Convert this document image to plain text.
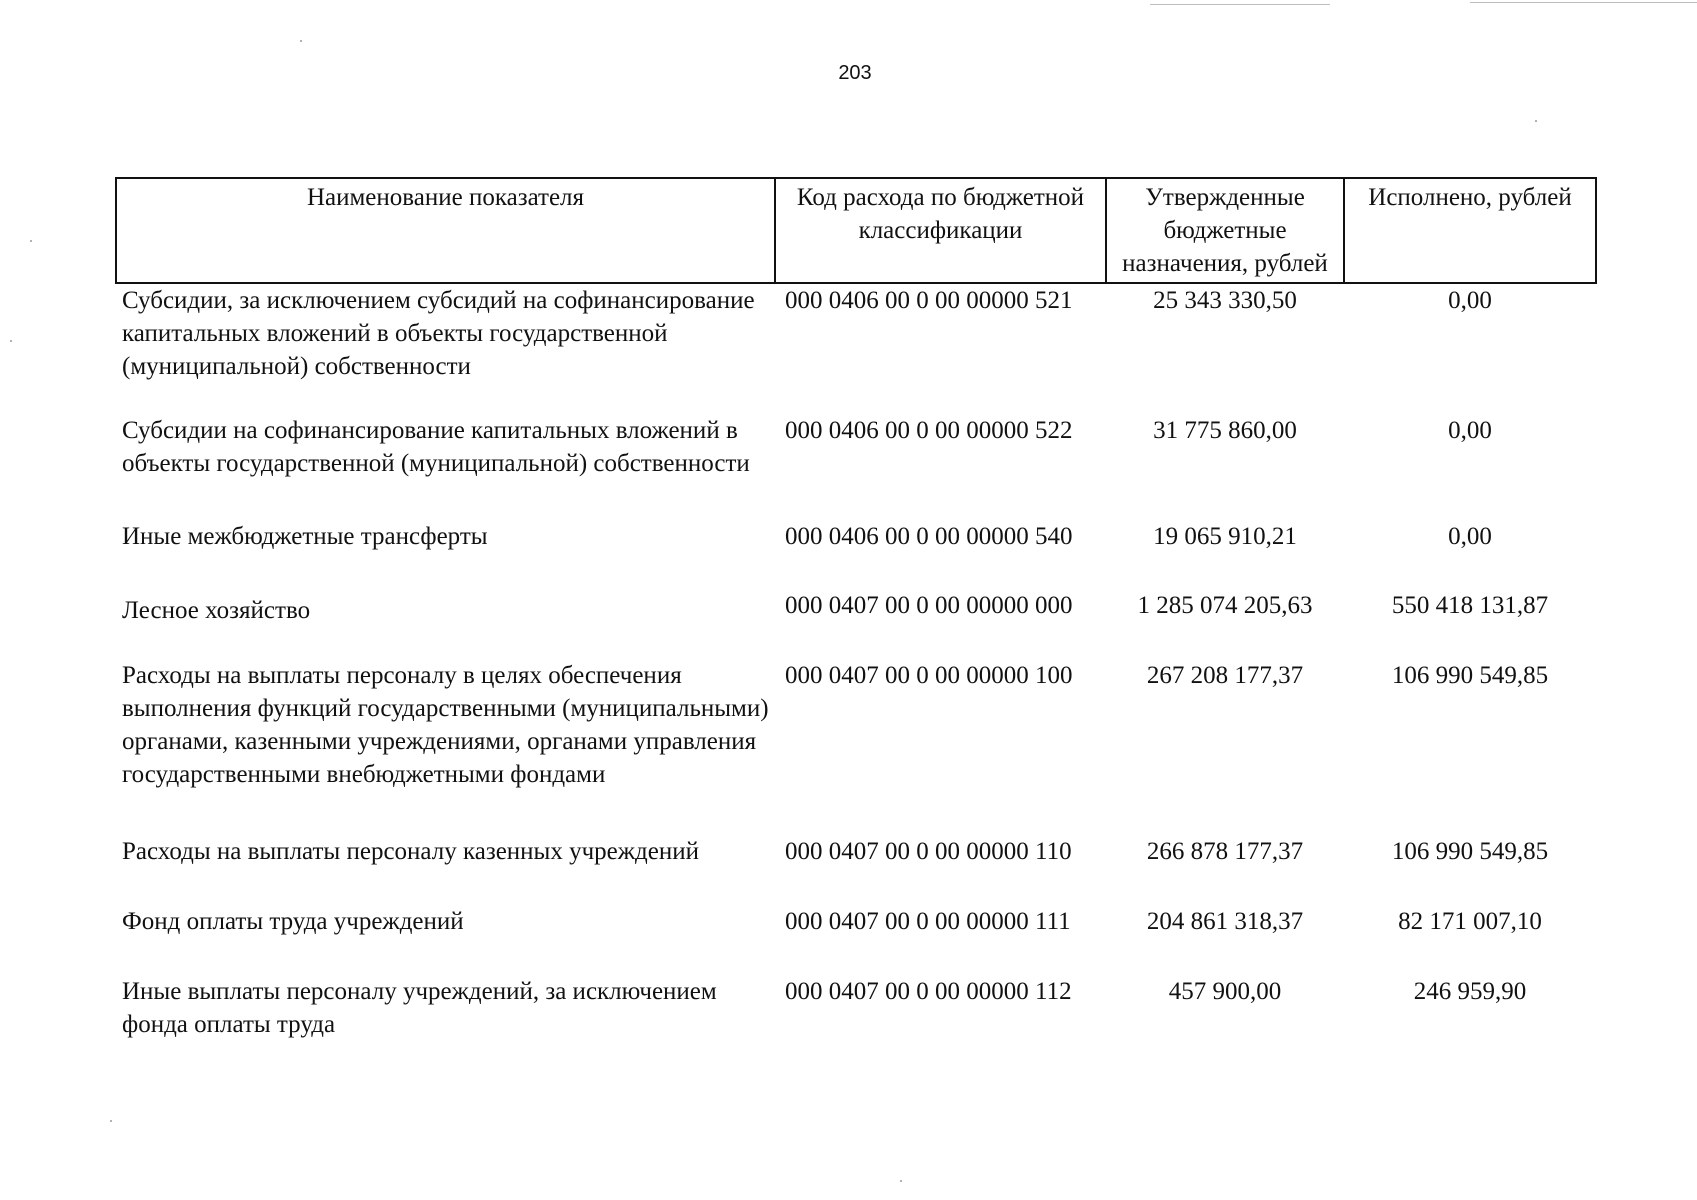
203
Наименование показателя	Код расхода по бюджетной классификации	Утвержденные бюджетные назначения, рублей	Исполнено, рублей
Субсидии, за исключением субсидий на софинансирование капитальных вложений в объекты государственной (муниципальной) собственности	000 0406 00 0 00 00000 521	25 343 330,50	0,00
Субсидии на софинансирование капитальных вложений в объекты государственной (муниципальной) собственности	000 0406 00 0 00 00000 522	31 775 860,00	0,00
Иные межбюджетные трансферты	000 0406 00 0 00 00000 540	19 065 910,21	0,00
Лесное хозяйство	000 0407 00 0 00 00000 000	1 285 074 205,63	550 418 131,87
Расходы на выплаты персоналу в целях обеспечения выполнения функций государственными (муниципальными) органами, казенными учреждениями, органами управления государственными внебюджетными фондами	000 0407 00 0 00 00000 100	267 208 177,37	106 990 549,85
Расходы на выплаты персоналу казенных учреждений	000 0407 00 0 00 00000 110	266 878 177,37	106 990 549,85
Фонд оплаты труда учреждений	000 0407 00 0 00 00000 111	204 861 318,37	82 171 007,10
Иные выплаты персоналу учреждений, за исключением фонда оплаты труда	000 0407 00 0 00 00000 112	457 900,00	246 959,90
